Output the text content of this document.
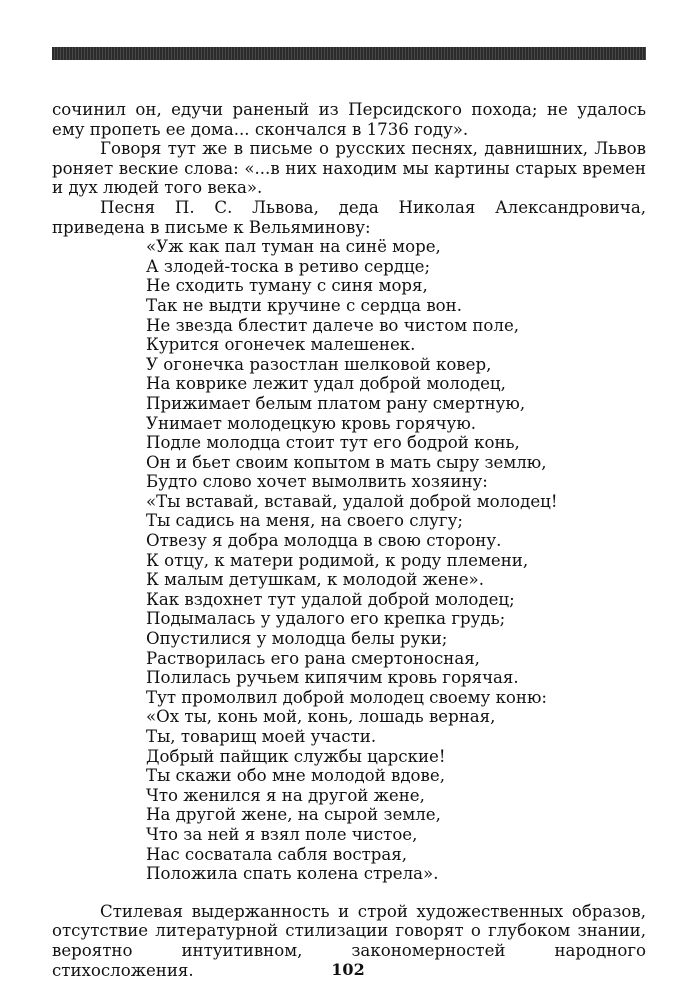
сочинил он, едучи раненый из Персидского похода; не удалось ему пропеть ее дома... скончался в 1736 году».

Говоря тут же в письме о русских песнях, давнишних, Львов роняет веские слова: «...в них находим мы картины старых времен и дух людей того века».

Песня П. С. Львова, деда Николая Александровича, приведена в письме к Вельяминову:

«Уж как пал туман на синё море,
А злодей-тоска в ретиво сердце;
Не сходить туману с синя моря,
Так не выдти кручине с сердца вон.
Не звезда блестит далече во чистом поле,
Курится огонечек малешенек.
У огонечка разостлан шелковой ковер,
На коврике лежит удал доброй молодец,
Прижимает белым платом рану смертную,
Унимает молодецкую кровь горячую.
Подле молодца стоит тут его бодрой конь,
Он и бьет своим копытом в мать сыру землю,
Будто слово хочет вымолвить хозяину:
«Ты вставай, вставай, удалой доброй молодец!
Ты садись на меня, на своего слугу;
Отвезу я добра молодца в свою сторону.
К отцу, к матери родимой, к роду племени,
К малым детушкам, к молодой жене».
Как вздохнет тут удалой доброй молодец;
Подымалась у удалого его крепка грудь;
Опустилися у молодца белы руки;
Растворилась его рана смертоносная,
Полилась ручьем кипячим кровь горячая.
Тут промолвил доброй молодец своему коню:
«Ох ты, конь мой, конь, лошадь верная,
Ты, товарищ моей участи.
Добрый пайщик службы царские!
Ты скажи обо мне молодой вдове,
Что женился я на другой жене,
На другой жене, на сырой земле,
Что за ней я взял поле чистое,
Нас сосватала сабля вострая,
Положила спать колена стрела».

Стилевая выдержанность и строй художественных образов, отсутствие литературной стилизации говорят о глубоком знании, вероятно интуитивном, закономерностей народного стихосложения.	102
